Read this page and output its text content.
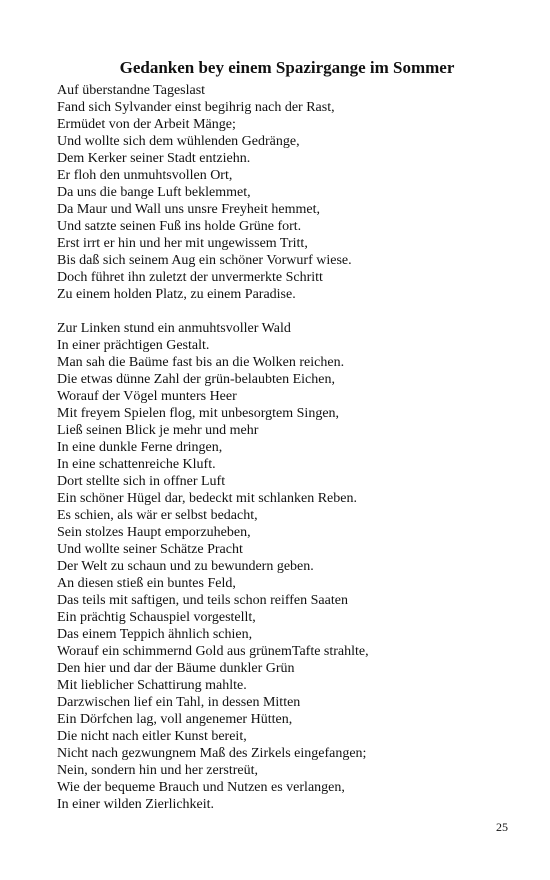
Gedanken bey einem Spazirgange im Sommer
Auf überstandne Tageslast
Fand sich Sylvander einst begihrig nach der Rast,
Ermüdet von der Arbeit Mänge;
Und wollte sich dem wühlenden Gedränge,
Dem Kerker seiner Stadt entziehn.
Er floh den unmuhtsvollen Ort,
Da uns die bange Luft beklemmet,
Da Maur und Wall uns unsre Freyheit hemmet,
Und satzte seinen Fuß ins holde Grüne fort.
Erst irrt er hin und her mit ungewissem Tritt,
Bis daß sich seinem Aug ein schöner Vorwurf wiese.
Doch führet ihn zuletzt der unvermerkte Schritt
Zu einem holden Platz, zu einem Paradise.
Zur Linken stund ein anmuhtsvoller Wald
In einer prächtigen Gestalt.
Man sah die Baüme fast bis an die Wolken reichen.
Die etwas dünne Zahl der grün-belaubten Eichen,
Worauf der Vögel munters Heer
Mit freyem Spielen flog, mit unbesorgtem Singen,
Ließ seinen Blick je mehr und mehr
In eine dunkle Ferne dringen,
In eine schattenreiche Kluft.
Dort stellte sich in offner Luft
Ein schöner Hügel dar, bedeckt mit schlanken Reben.
Es schien, als wär er selbst bedacht,
Sein stolzes Haupt emporzuheben,
Und wollte seiner Schätze Pracht
Der Welt zu schaun und zu bewundern geben.
An diesen stieß ein buntes Feld,
Das teils mit saftigen, und teils schon reiffen Saaten
Ein prächtig Schauspiel vorgestellt,
Das einem Teppich ähnlich schien,
Worauf ein schimmernd Gold aus grünemTafte strahlte,
Den hier und dar der Bäume dunkler Grün
Mit lieblicher Schattirung mahlte.
Darzwischen lief ein Tahl, in dessen Mitten
Ein Dörfchen lag, voll angenemer Hütten,
Die nicht nach eitler Kunst bereit,
Nicht nach gezwungnem Maß des Zirkels eingefangen;
Nein, sondern hin und her zerstreüt,
Wie der bequeme Brauch und Nutzen es verlangen,
In einer wilden Zierlichkeit.
25
